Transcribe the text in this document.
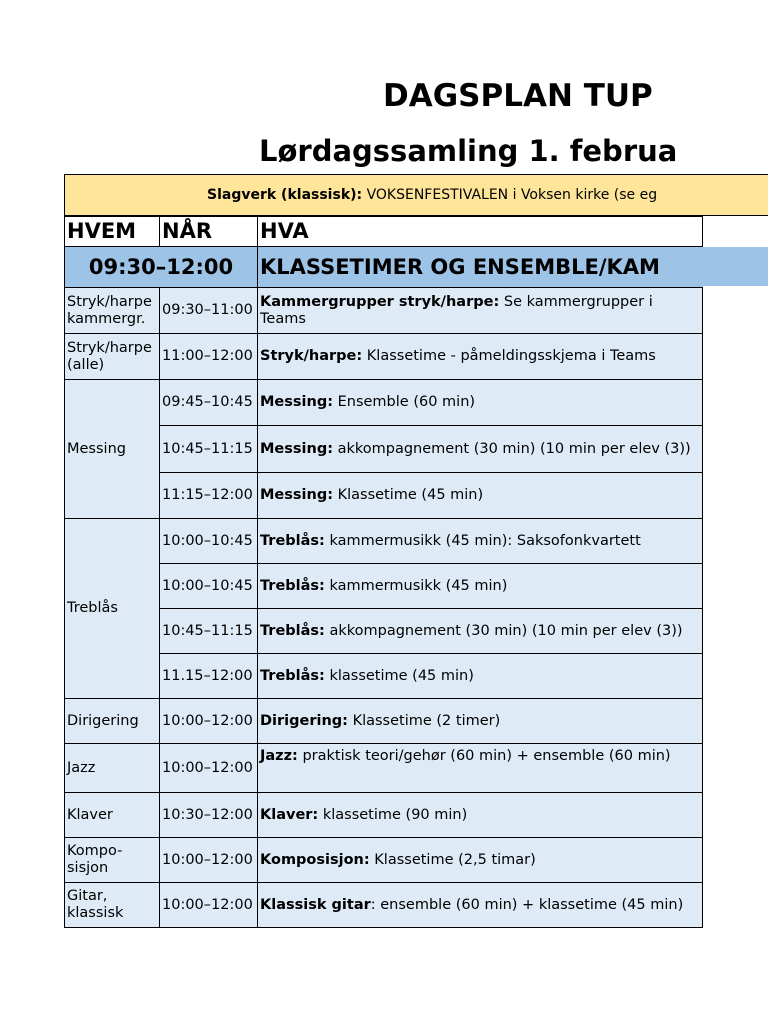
DAGSPLAN TUP
Lørdagssamling 1. februa
Slagverk (klassisk): VOKSENFESTIVALEN i Voksen kirke (se eg
HVEM	NÅR	HVA
09:30–12:00		KLASSETIMER OG ENSEMBLE/KAM
Stryk/harpe kammergr.	09:30–11:00	Kammergrupper stryk/harpe: Se kammergrupper i Teams
Stryk/harpe (alle)	11:00–12:00	Stryk/harpe: Klassetime - påmeldingsskjema i Teams
Messing	09:45–10:45	Messing: Ensemble (60 min)
	10:45–11:15	Messing: akkompagnement (30 min) (10 min per elev (3))
	11:15–12:00	Messing: Klassetime (45 min)
Treblås	10:00–10:45	Treblås: kammermusikk (45 min): Saksofonkvartett
	10:00–10:45	Treblås: kammermusikk (45 min)
	10:45–11:15	Treblås: akkompagnement (30 min) (10 min per elev (3))
	11.15–12:00	Treblås: klassetime (45 min)
Dirigering	10:00–12:00	Dirigering: Klassetime (2 timer)
Jazz	10:00–12:00	Jazz: praktisk teori/gehør (60 min) + ensemble (60 min)
Klaver	10:30–12:00	Klaver: klassetime (90 min)
Kompo-sisjon	10:00–12:00	Komposisjon: Klassetime (2,5 timar)
Gitar, klassisk	10:00–12:00	Klassisk gitar: ensemble (60 min) + klassetime (45 min)
